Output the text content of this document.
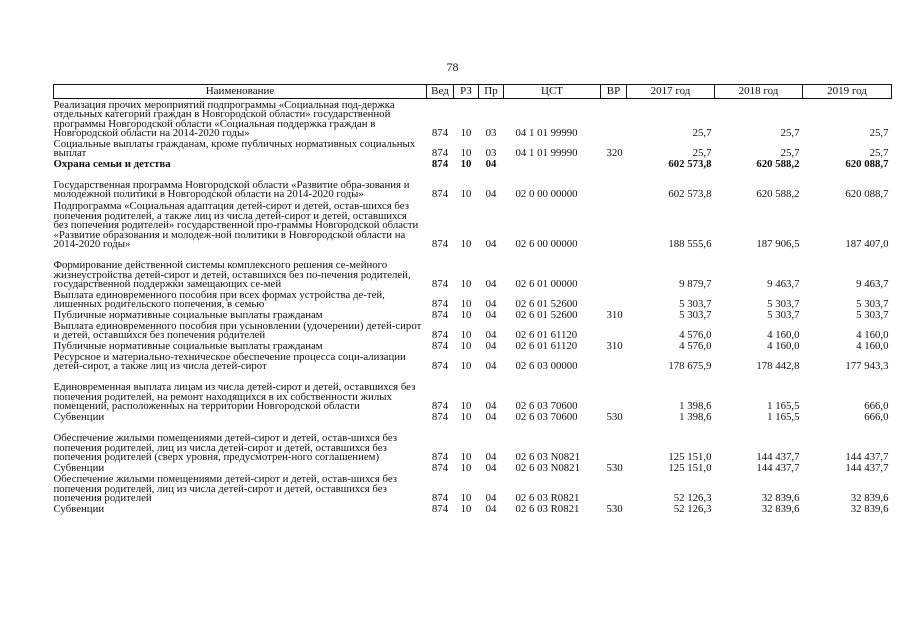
78
Наименование	Вед	РЗ	Пр	ЦСТ	ВР	2017 год	2018 год	2019 год
Реализация прочих мероприятий подпрограммы «Социальная под-держка отдельных категорий граждан в Новгородской области» государственной программы Новгородской области «Социальная поддержка граждан в Новгородской области на 2014-2020 годы»	874	10	03	04 1 01 99990		25,7	25,7	25,7
Социальные выплаты гражданам, кроме публичных нормативных социальных выплат	874	10	03	04 1 01 99990	320	25,7	25,7	25,7
Охрана семьи и детства	874	10	04			602 573,8	620 588,2	620 088,7
Государственная программа Новгородской области «Развитие обра-зования и молодежной политики в Новгородской области на 2014-2020 годы»	874	10	04	02 0 00 00000		602 573,8	620 588,2	620 088,7
Подпрограмма «Социальная адаптация детей-сирот и детей, остав-шихся без попечения родителей, а также лиц из числа детей-сирот и детей, оставшихся без попечения родителей» государственной про-граммы Новгородской области «Развитие образования и молодеж-ной политики в Новгородской области на 2014-2020 годы»	874	10	04	02 6 00 00000		188 555,6	187 906,5	187 407,0
Формирование действенной системы комплексного решения се-мейного жизнеустройства детей-сирот и детей, оставшихся без по-печения родителей, государственной поддержки замещающих се-мей	874	10	04	02 6 01 00000		9 879,7	9 463,7	9 463,7
Выплата единовременного пособия при всех формах устройства де-тей, лишенных родительского попечения, в семью	874	10	04	02 6 01 52600		5 303,7	5 303,7	5 303,7
Публичные нормативные социальные выплаты гражданам	874	10	04	02 6 01 52600	310	5 303,7	5 303,7	5 303,7
Выплата единовременного пособия при усыновлении (удочерении) детей-сирот и детей, оставшихся без попечения родителей	874	10	04	02 6 01 61120		4 576,0	4 160,0	4 160,0
Публичные нормативные социальные выплаты гражданам	874	10	04	02 6 01 61120	310	4 576,0	4 160,0	4 160,0
Ресурсное и материально-техническое обеспечение процесса соци-ализации детей-сирот, а также лиц из числа детей-сирот	874	10	04	02 6 03 00000		178 675,9	178 442,8	177 943,3
Единовременная выплата лицам из числа детей-сирот и детей, оставшихся без попечения родителей, на ремонт находящихся в их собственности жилых помещений, расположенных на территории Новгородской области	874	10	04	02 6 03 70600		1 398,6	1 165,5	666,0
Субвенции	874	10	04	02 6 03 70600	530	1 398,6	1 165,5	666,0
Обеспечение жилыми помещениями детей-сирот и детей, остав-шихся без попечения родителей, лиц из числа детей-сирот и детей, оставшихся без попечения родителей (сверх уровня, предусмотрен-ного соглашением)	874	10	04	02 6 03 N0821		125 151,0	144 437,7	144 437,7
Субвенции	874	10	04	02 6 03 N0821	530	125 151,0	144 437,7	144 437,7
Обеспечение жилыми помещениями детей-сирот и детей, остав-шихся без попечения родителей, лиц из числа детей-сирот и детей, оставшихся без попечения родителей	874	10	04	02 6 03 R0821		52 126,3	32 839,6	32 839,6
Субвенции	874	10	04	02 6 03 R0821	530	52 126,3	32 839,6	32 839,6
